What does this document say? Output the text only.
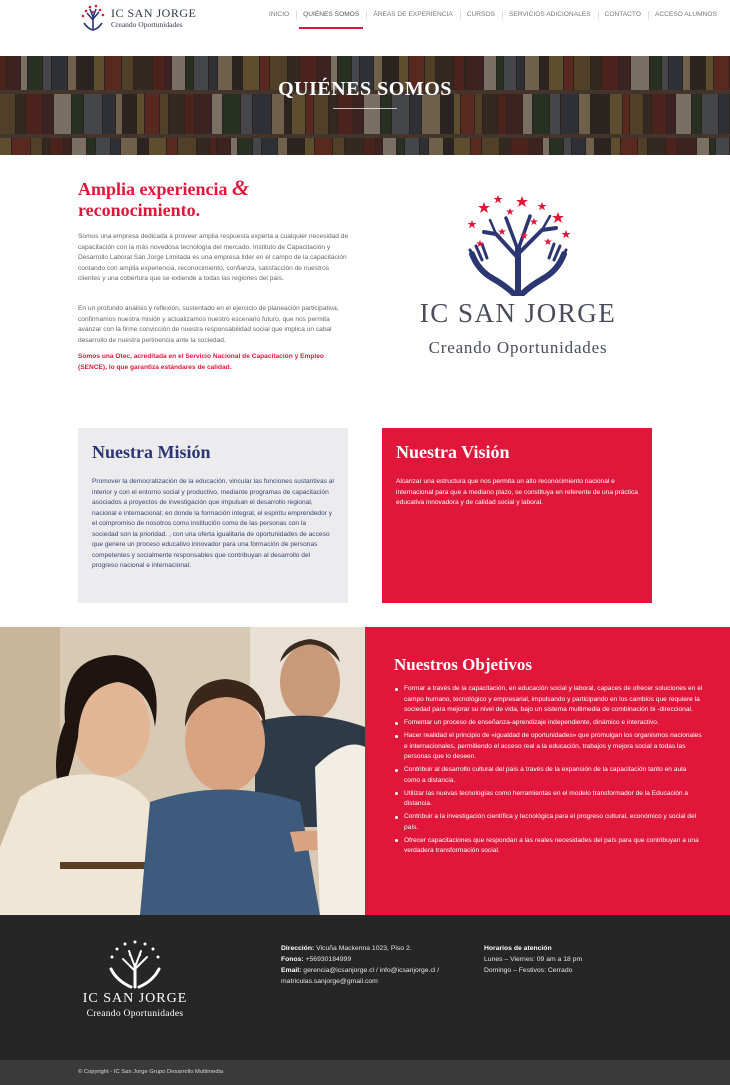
IC SAN JORGE
Creando Oportunidades
INICIO	QUIÉNES SOMOS	ÁREAS DE EXPERIENCIA	CURSOS	SERVICIOS ADICIONALES	CONTACTO	ACCESO ALUMNOS
QUIÉNES SOMOS
Amplia experiencia &
reconocimiento.

Somos una empresa dedicada a proveer amplia respuesta experta a cualquier necesidad de capacitación con la más novedosa tecnología del mercado. Instituto de Capacitación y Desarrollo Laboral San Jorge Limitada es una empresa líder en el campo de la capacitación contando con amplia experiencia, reconocimiento, confianza, satisfacción de nuestros clientes y una cobertura que se extiende a todas las regiones del país.

En un profundo análisis y reflexión, sustentado en el ejercicio de planeación participativa, confirmamos nuestra misión y actualizamos nuestro escenario futuro, que nos permita avanzar con la firme convicción de nuestra responsabilidad social que implica un cabal desarrollo de nuestra pertinencia ante la sociedad.

Somos una Otec, acreditada en el Servicio Nacional de Capacitación y Empleo (SENCE), lo que garantiza estándares de calidad.

IC SAN JORGE
Creando Oportunidades
Nuestra Misión

Promover la democratización de la educación, vincular las funciones sustantivas al interior y con el entorno social y productivo, mediante programas de capacitación asociados a proyectos de investigación que impulsan el desarrollo regional, nacional e internacional; en donde la formación integral, el espíritu emprendedor y el compromiso de nosotros como institución como de las personas con la sociedad son la prioridad. , con una oferta igualitaria de oportunidades de acceso que genere un proceso educativo innovador para una formación de personas competentes y socialmente responsables que contribuyan al desarrollo del progreso nacional e internacional.

Nuestra Visión

Alcanzar una estructura que nos permita un alto reconocimiento nacional e internacional para que a mediano plazo, se constituya en referente de una práctica educativa innovadora y de calidad social y laboral.

Nuestros Objetivos
Formar a través de la capacitación, en educación social y laboral, capaces de ofrecer soluciones en el campo humano, tecnológico y empresarial, impulsando y participando en los cambios que requiere la sociedad para mejorar su nivel de vida, bajo un sistema multimedia de combinación bi -direccional.
Fomentar un proceso de enseñanza-aprendizaje independiente, dinámico e interactivo.
Hacer realidad el principio de «igualdad de oportunidades» que promulgan los organismos nacionales e internacionales, permitiendo el acceso real a la educación, trabajos y mejora social a todas las personas que lo deseen.
Contribuir al desarrollo cultural del país a través de la expansión de la capacitación tanto en aula como a distancia.
Utilizar las nuevas tecnologías como herramientas en el modelo transformador de la Educación a distancia.
Contribuir a la investigación científica y tecnológica para el progreso cultural, económico y social del país.
Ofrecer capacitaciones que respondan a las reales necesidades del país para que contribuyan a una verdadera transformación social.
IC SAN JORGE
Creando Oportunidades
Dirección: Vicuña Mackenna 1023, Piso 2.
Fonos: +56930184999
Email: gerencia@icsanjorge.cl / info@icsanjorge.cl / matriculas.sanjorge@gmail.com
Horarios de atención
Lunes – Viernes: 09 am a 18 pm
Domingo – Festivos: Cerrado
© Copyright - IC San Jorge Grupo Desarrollo Multimedia
